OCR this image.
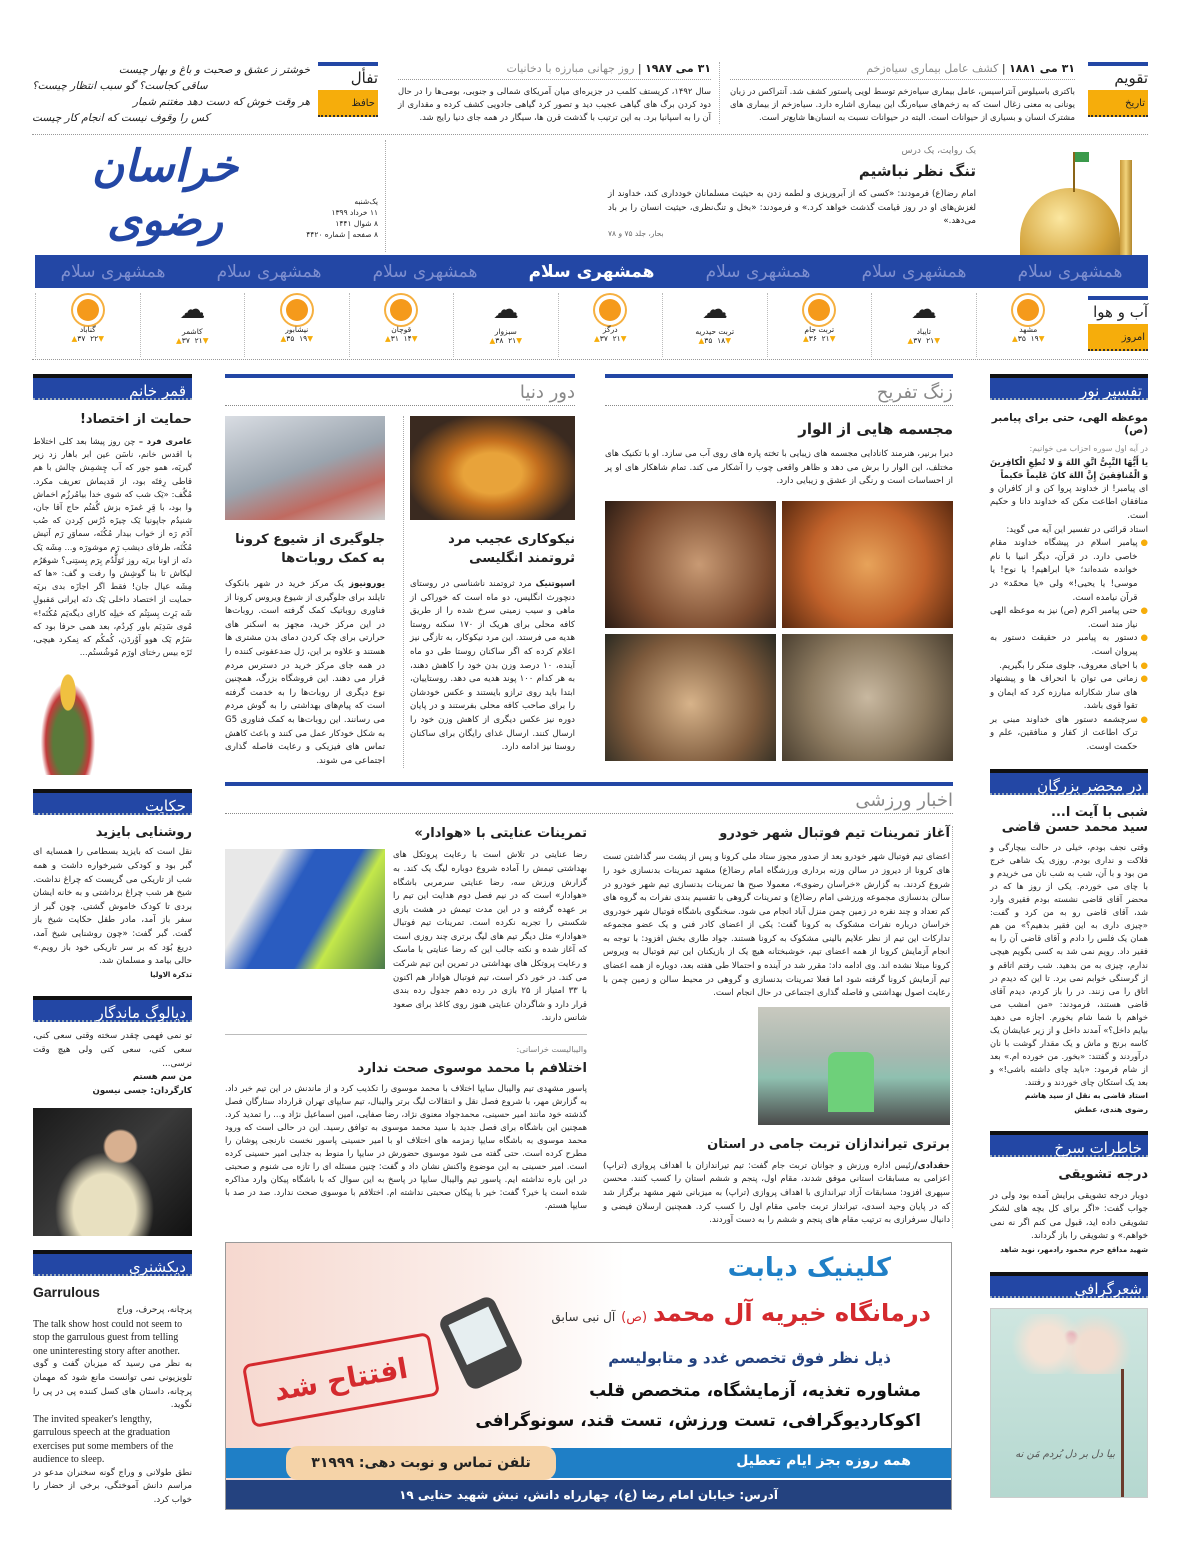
تقویم
تاریخ
۳۱ می ۱۸۸۱ | کشف عامل بیماری سیاه‌زخم
باکتری باسیلوس آنتراسیس، عامل بیماری سیاه‌زخم توسط لویی پاستور کشف شد. آنتراکس در زبان یونانی به معنی زغال است که به زخم‌های سیاه‌رنگ این بیماری اشاره دارد. سیاه‌زخم از بیماری های مشترک انسان و بسیاری از حیوانات است. البته در حیوانات نسبت به انسان‌ها شایع‌تر است.
۳۱ می ۱۹۸۷ | روز جهانی مبارزه با دخانیات
سال ۱۴۹۲، کریستف کلمب در جزیره‌ای میان آمریکای شمالی و جنوبی، بومی‌ها را در حال دود کردن برگ های گیاهی عجیب دید و تصور کرد گیاهی جادویی کشف کرده و مقداری از آن را به اسپانیا برد. به این ترتیب با گذشت قرن ها، سیگار در همه جای دنیا رایج شد.
تفأل
حافظ
خوشتر ز عشق و صحبت و باغ و بهار چیست
ساقی کجاست؟ گو سبب انتظار چیست؟
هر وقت خوش که دست دهد مغتنم شمار
کس را وقوف نیست که انجام کار چیست
خراسان رضوی	یک‌شنبه
۱۱ خرداد ۱۳۹۹
۸ شوال ۱۴۴۱
۸ صفحه | شماره ۴۴۲۰
یک روایت، یک درس
تنگ نظر نباشیم
امام رضا(ع) فرمودند: «کسی که از آبروریزی و لطمه زدن به حیثیت مسلمانان خودداری کند، خداوند از لغزش‌های او در روز قیامت گذشت خواهد کرد.» و فرمودند: «بخل و تنگ‌نظری، حیثیت انسان را بر باد می‌دهد.»
بحار، جلد ۷۵ و ۷۸
همشهری سلام	همشهری سلام	همشهری سلام	همشهری سلام	همشهری سلام	همشهری سلام	همشهری سلام
آب و هوا
امروز
مشهد
▼۱۹  ۳۵▲
☁
تایباد
▼۲۱  ۳۷▲
تربت جام
▼۲۱  ۳۶▲
☁
تربت حیدریه
▼۱۸  ۳۵▲
درگز
▼۲۱  ۳۷▲
☁
سبزوار
▼۲۱  ۳۸▲
قوچان
▼۱۴  ۳۱▲
نیشابور
▼۱۹  ۳۵▲
☁
کاشمر
▼۲۱  ۳۷▲
گناباد
▼۲۲  ۳۷▲
تفسیر نور
موعظه الهی، حتی برای پیامبر (ص)
در آیه اول سوره احزاب می خوانیم:
یا أَیُّهَا النَّبِیُّ اتَّقِ اللهَ وَ لا تُطِعِ الْکافِرینَ وَ الْمُنافِقینَ إِنَّ اللهَ کانَ عَلیماً حَکیماً
ای پیامبر! از خداوند پروا کن و از کافران و منافقان اطاعت مکن که خداوند دانا و حکیم است.
استاد قرائتی در تفسیر این آیه می گوید:
●
پیامبر اسلام در پیشگاه خداوند مقام خاصی دارد. در قرآن، دیگر انبیا با نام خوانده شده‌اند؛ «یا ابراهیم! یا نوح! یا موسی! یا یحیی!» ولی «یا محمّد» در قرآن نیامده است.
●
حتی پیامبر اکرم (ص) نیز به موعظه الهی نیاز مند است.
●
دستور به پیامبر در حقیقت دستور به پیروان است.
●
با احیای معروف، جلوی منکر را بگیریم.
●
زمانی می توان با انحراف ها و پیشنهاد های ساز شکارانه مبارزه کرد که ایمان و تقوا قوی باشد.
●
سرچشمه دستور های خداوند مبنی بر ترک اطاعت از کفار و منافقین، علم و حکمت اوست.
در محضر بزرگان
شبی با آیت ا...
سید محمد حسن قاضی
وقتی نجف بودم، خیلی در حالت بیچارگی و فلاکت و نداری بودم. روزی یک شاهی خرج من بود و با آن، شب به شب نان می خریدم و با چای می خوردم. یکی از روز ها که در محضر آقای قاضی نشسته بودم فقیری وارد شد، آقای قاضی رو به من کرد و گفت: «چیزی داری به این فقیر بدهیم؟» من هم همان یک فلس را دادم و آقای قاضی آن را به فقیر داد. رویم نمی شد به کسی بگویم هیچی ندارم، چیزی به من بدهید. شب رفتم اتاقم و از گرسنگی خوابم نمی برد. تا این که دیدم در اتاق را می زنند. در را باز کردم، دیدم آقای قاضی هستند، فرمودند: «من امشب می خواهم با شما شام بخورم. اجازه می دهید بیایم داخل؟» آمدند داخل و از زیر عبایشان یک کاسه برنج و ماش و یک مقدار گوشت با نان درآوردند و گفتند: «بخور. من خورده ام.» بعد از شام فرمود: «باید چای داشته باشی!» و بعد یک استکان چای خوردند و رفتند.
استاد قاضی به نقل از سید هاشم
رضوی هندی، عطش
خاطرات سرخ
درجه تشویقی
دوبار درجه تشویقی برایش آمده بود ولی در جواب گفت: «اگر برای کل بچه های لشکر تشویقی داده اید، قبول می کنم اگر نه نمی خواهم.» و تشویقی را باز گرداند.
شهید مدافع حرم محمود رادمهر، نوید شاهد
شعرگرافی
بیا دل بر دل بُردم مَن نه
قمر خانم
حمایت از اختصاد!
عامری فرد – چن روز پیشا بعد کلی اختلاط با اقدس خانم، ناسَن عین ابر باهار زد زیر گیریَه، همو جور که آب چِشمِش چالش با هم قاطی رِفتَه بود، از قدیماش تعریف مکرد. مُگُف: «یَک شب که شوی خدا بیامُرزُم اخماش وا بود، با قِرِ غمزَه بزش گُفتُم حاج آقا جان، شنیدُم جاپونیا یَک چیزَه دُرُس کِردن که صُب آدَم رَه از خواب بیدار مُکُنَه، سماوَرِ رَم آتیش مُکُنَه، ظرفای دیشب رَم موشورَه و... مِشَه یَک دنَه از اونا بریَه روز تَوَلُّدُم بِرَم بِستِنی؟ شوهَرُم لیکاش تا بنا گوشِش وا رفت و گف: «ها که مِشَه عیال جان! فقط اگر اجازَه بدی بریَه حمایت از اختصاد داخلی یَک دنَه ایرانی مَقبولِ شَه بَرِت بِستِنُم که خیلِه کارای دیگه‌یَم مُکُنَه!» مُوی سَدِیَم باور کِردُم، بعد همی حرفا بود که سَرُم یَک هوو آوُردَن، کُمکُم که نِمکرد هیچی، تَزَه بیس رختای اورَم مُوشُستُم...
حکایت
روشنایی بایزید
نقل است که بایزید بسطامی را همسایه ای گبر بود و کودکی شیرخواره داشت و همه شب از تاریکی می گریست که چراغ نداشت. شیخ هر شب چراغ برداشتی و به خانه ایشان بردی تا کودک خاموش گشتی. چون گبر از سفر باز آمد، مادر طفل حکایت شیخ باز گفت. گبر گفت: «چون روشنایی شیخ آمد، دریغ بُوَد که بر سر تاریکی خود باز رویم.» حالی بیامد و مسلمان شد.
تذکرة الاولیا
دیالوگ ماندگار
تو نمی فهمی چقدر سخته وقتی سعی کنی، سعی کنی، سعی کنی ولی هیچ وقت نرسی...
من سم هستم
کارگردان: جسی نیسون
دیکشنری
Garrulous
پرچانه، پرحرف، وراج
The talk show host could not seem to stop the garrulous guest from telling one uninteresting story after another.
به نظر می رسید که میزبان گفت و گوی تلویزیونی نمی توانست مانع شود که مهمان پرچانه، داستان های کسل کننده پی در پی را نگوید.
The invited speaker's lengthy, garrulous speech at the graduation exercises put some members of the audience to sleep.
نطق طولانی و وراج گونه سخنران مدعو در مراسم دانش آموختگی، برخی از حضار را خواب کرد.
دور دنیا
جلوگیری از شیوع کرونا به کمک روبات‌ها
یورونیوز یک مرکز خرید در شهر بانکوک تایلند برای جلوگیری از شیوع ویروس کرونا از فناوری روباتیک کمک گرفته است. روبات‌ها در این مرکز خرید، مجهز به اسکنر های حرارتی برای چک کردن دمای بدن مشتری ها هستند و علاوه بر این، ژل ضدعفونی کننده را در همه جای مرکز خرید در دسترس مردم قرار می دهند. این فروشگاه بزرگ، همچنین نوع دیگری از روبات‌ها را به خدمت گرفته است که پیام‌های بهداشتی را به گوش مردم می رسانند. این روبات‌ها به کمک فناوری G5 به شکل خودکار عمل می کنند و باعث کاهش تماس های فیزیکی و رعایت فاصله گذاری اجتماعی می شوند.
نیکوکاری عجیب مرد ثروتمند انگلیسی
اسپوتنیک مرد ثروتمند ناشناسی در روستای دنچورث انگلیس، دو ماه است که خوراکی از ماهی و سیب زمینی سرخ شده را از طریق کافه محلی برای هریک از ۱۷۰ سکنه روستا هدیه می فرستد. این مرد نیکوکار، به تازگی نیز اعلام کرده که اگر ساکنان روستا طی دو ماه آینده، ۱۰ درصد وزن بدن خود را کاهش دهند، به هر کدام ۱۰۰ پوند هدیه می دهد. روستاییان، ابتدا باید روی ترازو بایستند و عکس خودشان را برای صاحب کافه محلی بفرستند و در پایان دوره نیز عکس دیگری از کاهش وزن خود را ارسال کنند. ارسال غذای رایگان برای ساکنان روستا نیز ادامه دارد.
زنگ تفریح
مجسمه هایی از الوار
دبرا برنیر، هنرمند کانادایی مجسمه های زیبایی با تخته پاره های روی آب می سازد. او با تکنیک های مختلف، این الوار را برش می دهد و ظاهر واقعی چوب را آشکار می کند. تمام شاهکار های او پر از احساسات است و رنگی از عشق و زیبایی دارد.
اخبار ورزشی
تمرینات عنایتی با «هوادار»
رضا عنایتی در تلاش است با رعایت پروتکل های بهداشتی تیمش را آماده شروع دوباره لیگ یک کند. به گزارش ورزش سه، رضا عنایتی سرمربی باشگاه «هوادار» است که در نیم فصل دوم هدایت این تیم را بر عهده گرفته و در این مدت تیمش در هشت بازی شکستی را تجربه نکرده است. تمرینات تیم فوتبال «هوادار» مثل دیگر تیم های لیگ برتری چند روزی است که آغاز شده و نکته جالب این که رضا عنایتی با ماسک و رعایت پروتکل های بهداشتی در تمرین این تیم شرکت می کند. در خور ذکر است، تیم فوتبال هوادار هم اکنون با ۳۳ امتیاز از ۲۵ بازی در رده دهم جدول رده بندی قرار دارد و شاگردان عنایتی هنوز روی کاغذ برای صعود شانس دارند.
والیبالیست خراسانی:
اختلافم با محمد موسوی صحت ندارد
پاسور مشهدی تیم والیبال سایپا اختلاف با محمد موسوی را تکذیب کرد و از ماندنش در این تیم خبر داد. به گزارش مهر، با شروع فصل نقل و انتقالات لیگ برتر والیبال، تیم سایپای تهران قرارداد ستارگان فصل گذشته خود مانند امیر حسینی، محمدجواد معنوی نژاد، رضا صفایی، امین اسماعیل نژاد و... را تمدید کرد. همچنین این باشگاه برای فصل جدید با سید محمد موسوی به توافق رسید. این در حالی است که ورود محمد موسوی به باشگاه سایپا زمزمه های اختلاف او با امیر حسینی پاسور نخست نارنجی پوشان را مطرح کرده است. حتی گفته می شود موسوی حضورش در سایپا را منوط به جدایی امیر حسینی کرده است. امیر حسینی به این موضوع واکنش نشان داد و گفت: چنین مسئله ای را تازه می شنوم و صحبتی در این باره نداشته ایم. پاسور تیم والیبال سایپا در پاسخ به این سوال که با باشگاه پیکان وارد مذاکره شده است یا خیر؟ گفت: خیر با پیکان صحبتی نداشته ام. اختلافم با موسوی صحت ندارد. صد در صد با سایپا هستم.
آغاز تمرینات تیم فوتبال شهر خودرو
اعضای تیم فوتبال شهر خودرو بعد از صدور مجوز ستاد ملی کرونا و پس از پشت سر گذاشتن تست های کرونا از دیروز در سالن وزنه برداری ورزشگاه امام رضا(ع) مشهد تمرینات بدنسازی خود را شروع کردند. به گزارش «خراسان رضوی»، معمولا صبح ها تمرینات بدنسازی تیم شهر خودرو در سالن بدنسازی مجموعه ورزشی امام رضا(ع) و تمرینات گروهی با تقسیم بندی نفرات به گروه های کم تعداد و چند نفره در زمین چمن منزل آباد انجام می شود. سخنگوی باشگاه فوتبال شهر خودروی خراسان درباره نفرات مشکوک به کرونا گفت: یکی از اعضای کادر فنی و یک عضو مجموعه تدارکات این تیم از نظر علایم بالینی مشکوک به کرونا هستند. جواد طاری بخش افزود: با توجه به انجام آزمایش کرونا از همه اعضای تیم، خوشبختانه هیچ یک از بازیکنان این تیم فوتبال به ویروس کرونا مبتلا نشده اند. وی ادامه داد: مقرر شد در آینده و احتمالا طی هفته بعد، دوباره از همه اعضای تیم آزمایش کرونا گرفته شود اما فعلا تمرینات بدنسازی و گروهی در محیط سالن و زمین چمن با رعایت اصول بهداشتی و فاصله گذاری اجتماعی در حال انجام است.
برتری تیراندازان تربت جامی در استان
حقدادی/رئیس اداره ورزش و جوانان تربت جام گفت: تیم تیراندازان با اهداف پروازی (تراپ) اعزامی به مسابقات استانی موفق شدند، مقام اول، پنجم و ششم استان را کسب کنند. محسن سپهری افزود: مسابقات آزاد تیراندازی با اهداف پروازی (تراپ) به میزبانی شهر مشهد برگزار شد که در پایان وحید اسدی، تیرانداز تربت جامی مقام اول را کسب کرد. همچنین ارسلان فیضی و دانیال سرفرازی به ترتیب مقام های پنجم و ششم را به دست آوردند.
افتتاح شد
کلینیک دیابت
درمانگاه خیریه آل محمد
(ص)
آل نبی سابق
ذیل نظر فوق تخصص غدد و متابولیسم
مشاوره تغذیه، آزمایشگاه، متخصص قلب
اکوکاردیوگرافی، تست ورزش، تست قند، سونوگرافی
همه روزه بجز ایام تعطیل
تلفن تماس و نوبت دهی: ۳۱۹۹۹
آدرس: خیابان امام رضا (ع)، چهارراه دانش، نبش شهید حنایی ۱۹
